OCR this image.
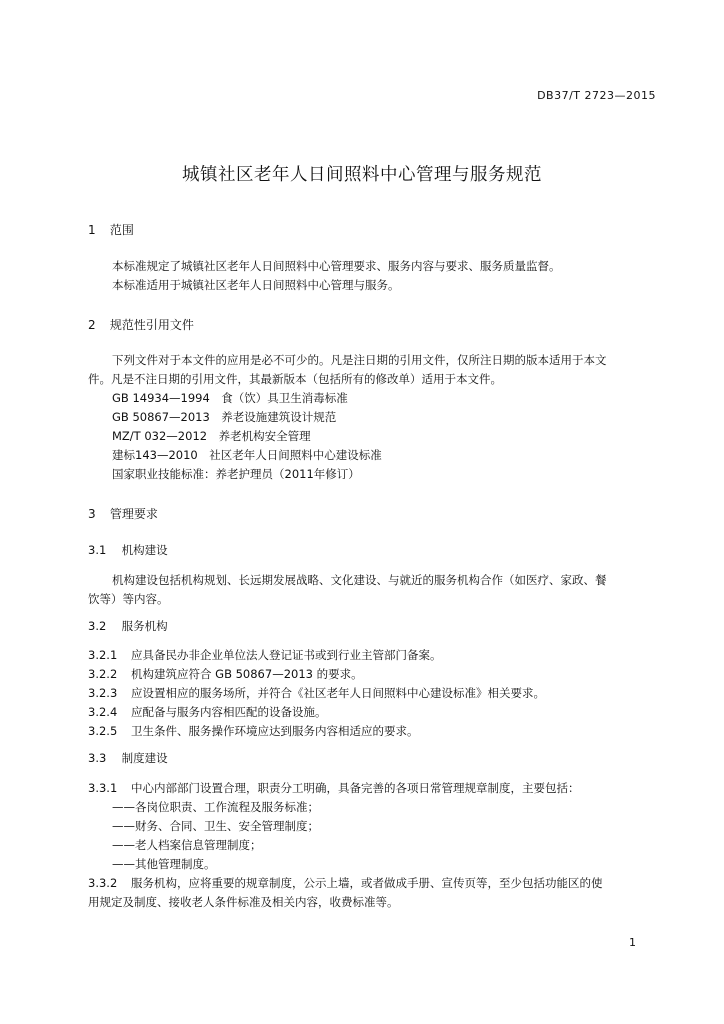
DB37/T 2723—2015
城镇社区老年人日间照料中心管理与服务规范
1 范围

本标准规定了城镇社区老年人日间照料中心管理要求、服务内容与要求、服务质量监督。

本标准适用于城镇社区老年人日间照料中心管理与服务。

2 规范性引用文件

下列文件对于本文件的应用是必不可少的。凡是注日期的引用文件，仅所注日期的版本适用于本文

件。凡是不注日期的引用文件，其最新版本（包括所有的修改单）适用于本文件。

GB 14934—1994　食（饮）具卫生消毒标准

GB 50867—2013　养老设施建筑设计规范

MZ/T 032—2012　养老机构安全管理

建标143—2010　社区老年人日间照料中心建设标准

国家职业技能标准：养老护理员（2011年修订）

3 管理要求
3.1 机构建设

机构建设包括机构规划、长远期发展战略、文化建设、与就近的服务机构合作（如医疗、家政、餐

饮等）等内容。

3.2 服务机构
3.2.1 应具备民办非企业单位法人登记证书或到行业主管部门备案。
3.2.2 机构建筑应符合 GB 50867—2013 的要求。
3.2.3 应设置相应的服务场所，并符合《社区老年人日间照料中心建设标准》相关要求。
3.2.4 应配备与服务内容相匹配的设备设施。
3.2.5 卫生条件、服务操作环境应达到服务内容相适应的要求。
3.3 制度建设
3.3.1 中心内部部门设置合理，职责分工明确，具备完善的各项日常管理规章制度，主要包括：

——各岗位职责、工作流程及服务标准；

——财务、合同、卫生、安全管理制度；

——老人档案信息管理制度；

——其他管理制度。

3.3.2 服务机构，应将重要的规章制度，公示上墙，或者做成手册、宣传页等，至少包括功能区的使

用规定及制度、接收老人条件标准及相关内容，收费标准等。

1
